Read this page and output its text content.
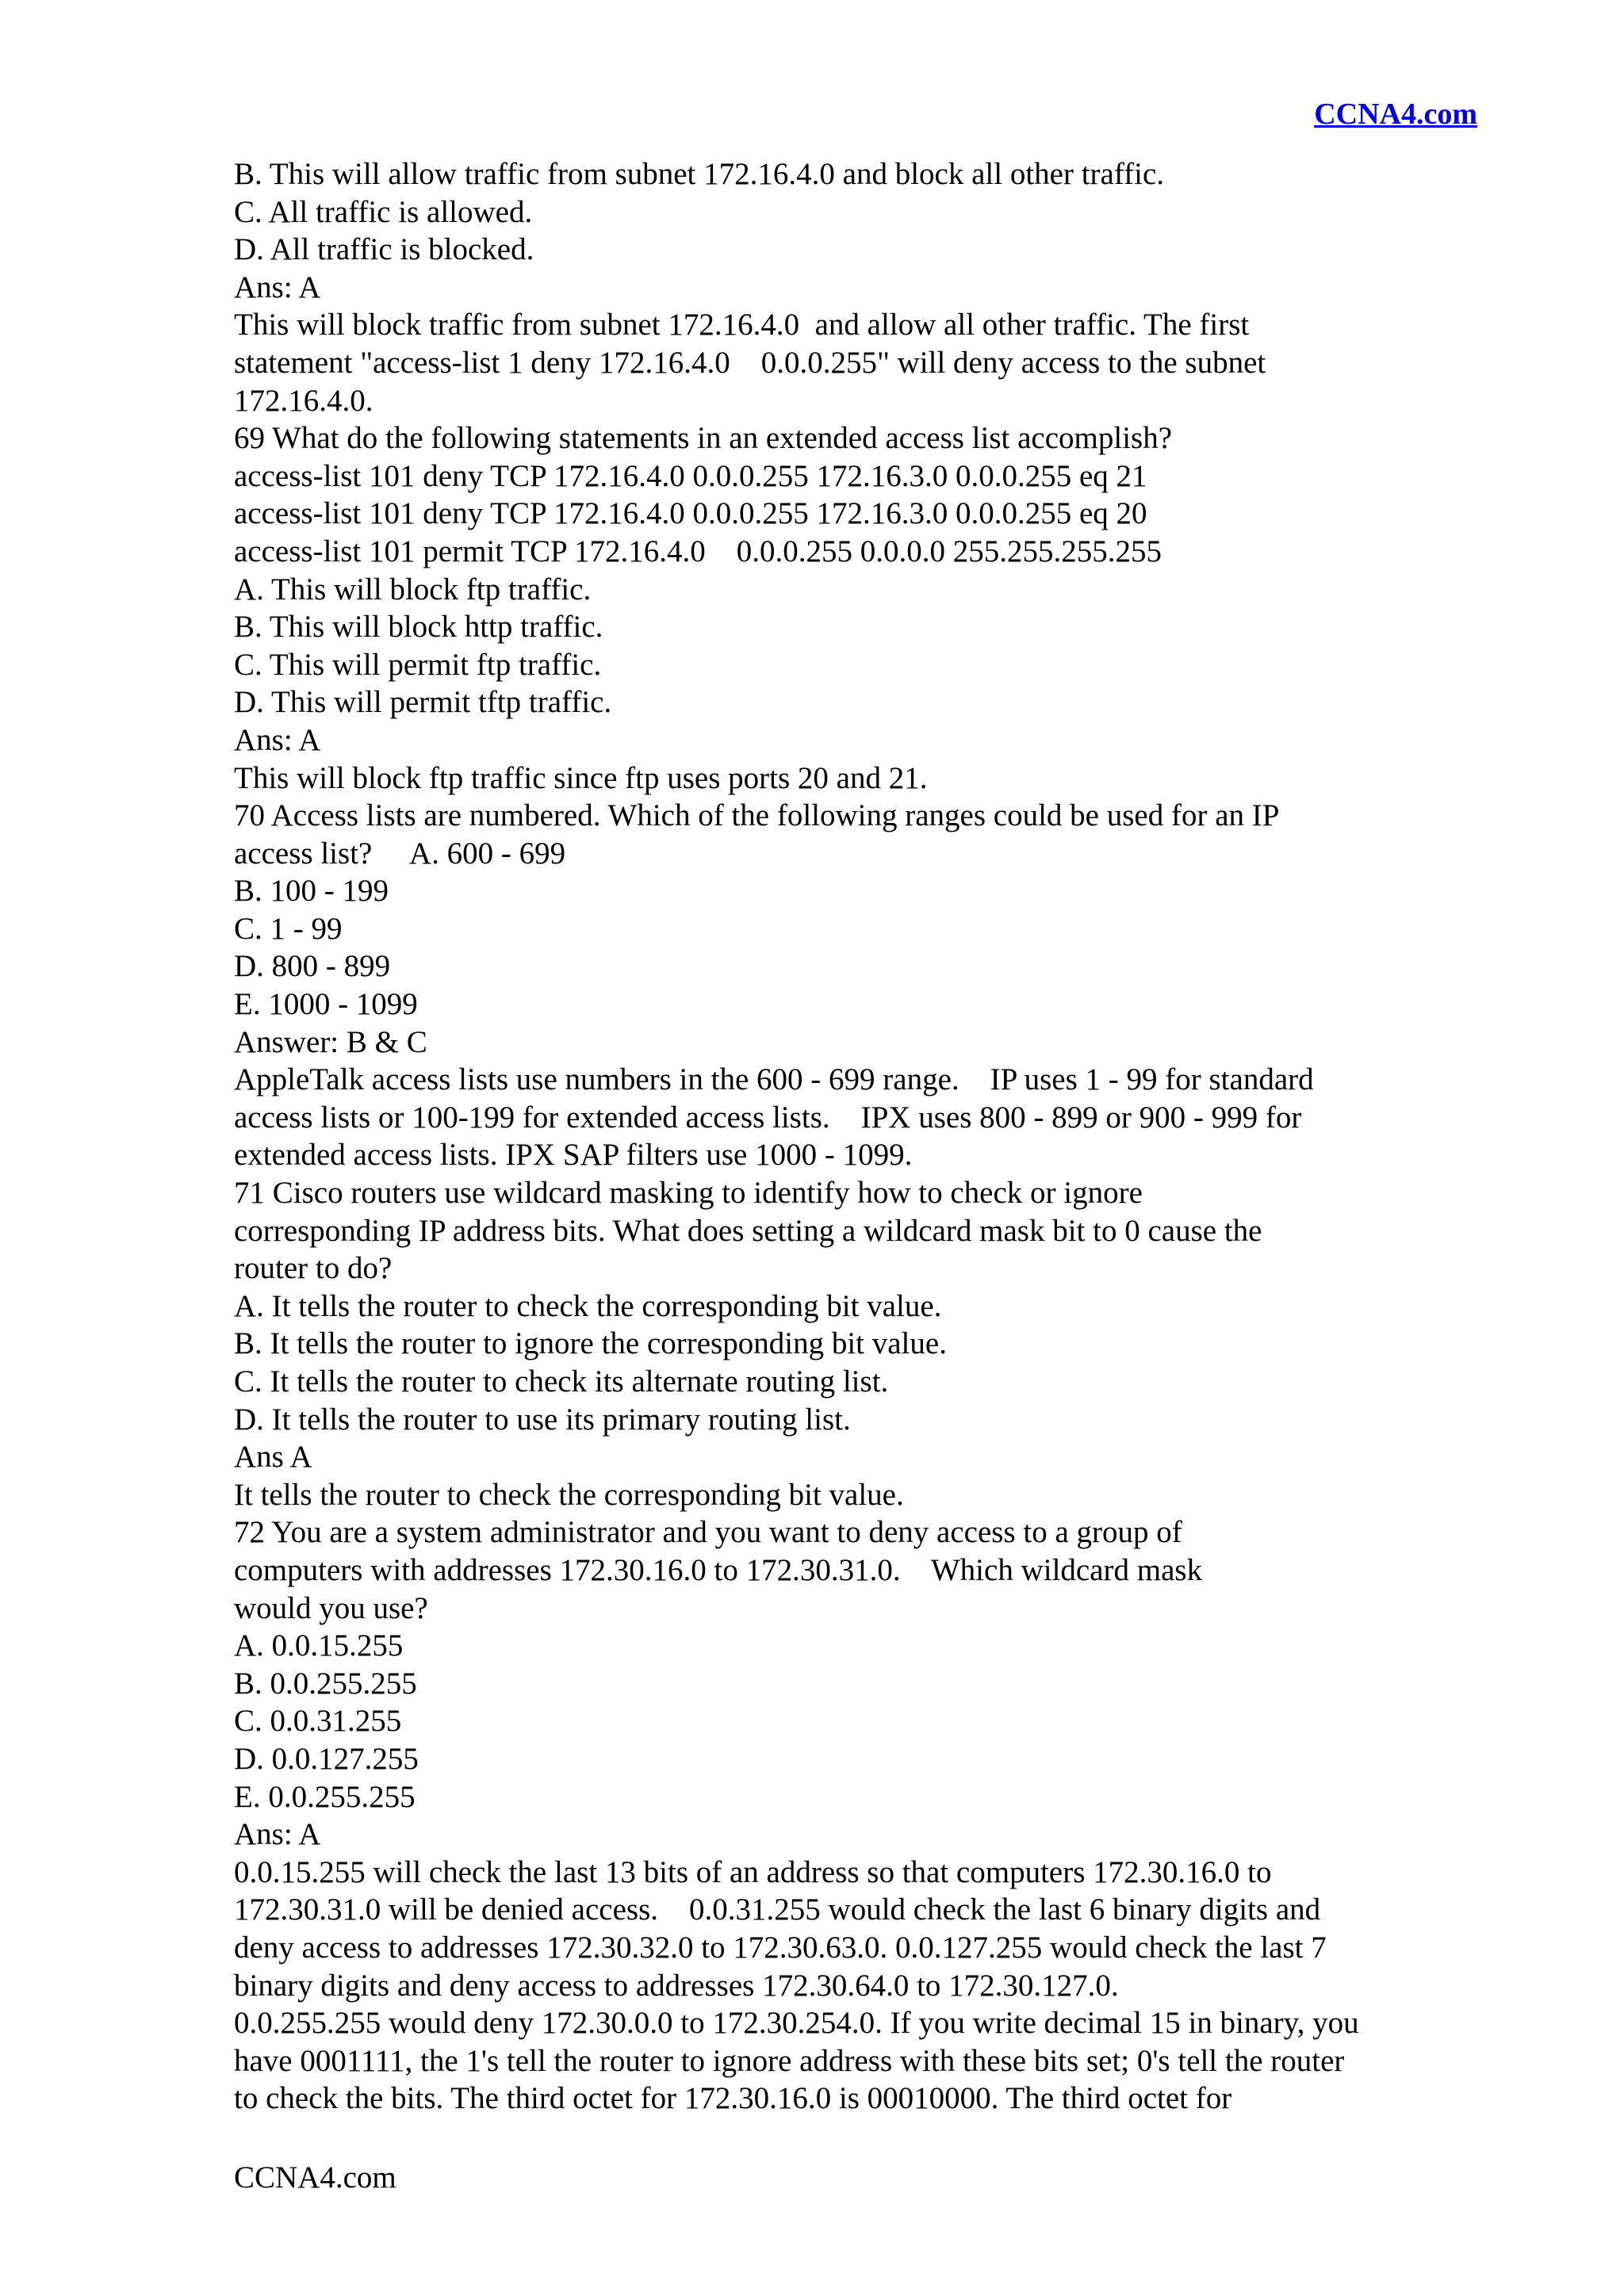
CCNA4.com
B. This will allow traffic from subnet 172.16.4.0 and block all other traffic.
C. All traffic is allowed.
D. All traffic is blocked.
Ans: A
This will block traffic from subnet 172.16.4.0  and allow all other traffic. The first
statement "access-list 1 deny 172.16.4.0    0.0.0.255" will deny access to the subnet
172.16.4.0.
69 What do the following statements in an extended access list accomplish?
access-list 101 deny TCP 172.16.4.0 0.0.0.255 172.16.3.0 0.0.0.255 eq 21
access-list 101 deny TCP 172.16.4.0 0.0.0.255 172.16.3.0 0.0.0.255 eq 20
access-list 101 permit TCP 172.16.4.0    0.0.0.255 0.0.0.0 255.255.255.255
A. This will block ftp traffic.
B. This will block http traffic.
C. This will permit ftp traffic.
D. This will permit tftp traffic.
Ans: A
This will block ftp traffic since ftp uses ports 20 and 21.
70 Access lists are numbered. Which of the following ranges could be used for an IP
access list?     A. 600 - 699
B. 100 - 199
C. 1 - 99
D. 800 - 899
E. 1000 - 1099
Answer: B & C
AppleTalk access lists use numbers in the 600 - 699 range.    IP uses 1 - 99 for standard
access lists or 100-199 for extended access lists.    IPX uses 800 - 899 or 900 - 999 for
extended access lists. IPX SAP filters use 1000 - 1099.
71 Cisco routers use wildcard masking to identify how to check or ignore
corresponding IP address bits. What does setting a wildcard mask bit to 0 cause the
router to do?
A. It tells the router to check the corresponding bit value.
B. It tells the router to ignore the corresponding bit value.
C. It tells the router to check its alternate routing list.
D. It tells the router to use its primary routing list.
Ans A
It tells the router to check the corresponding bit value.
72 You are a system administrator and you want to deny access to a group of
computers with addresses 172.30.16.0 to 172.30.31.0.    Which wildcard mask
would you use?
A. 0.0.15.255
B. 0.0.255.255
C. 0.0.31.255
D. 0.0.127.255
E. 0.0.255.255
Ans: A
0.0.15.255 will check the last 13 bits of an address so that computers 172.30.16.0 to
172.30.31.0 will be denied access.    0.0.31.255 would check the last 6 binary digits and
deny access to addresses 172.30.32.0 to 172.30.63.0. 0.0.127.255 would check the last 7
binary digits and deny access to addresses 172.30.64.0 to 172.30.127.0.
0.0.255.255 would deny 172.30.0.0 to 172.30.254.0. If you write decimal 15 in binary, you
have 0001111, the 1's tell the router to ignore address with these bits set; 0's tell the router
to check the bits. The third octet for 172.30.16.0 is 00010000. The third octet for
CCNA4.com
